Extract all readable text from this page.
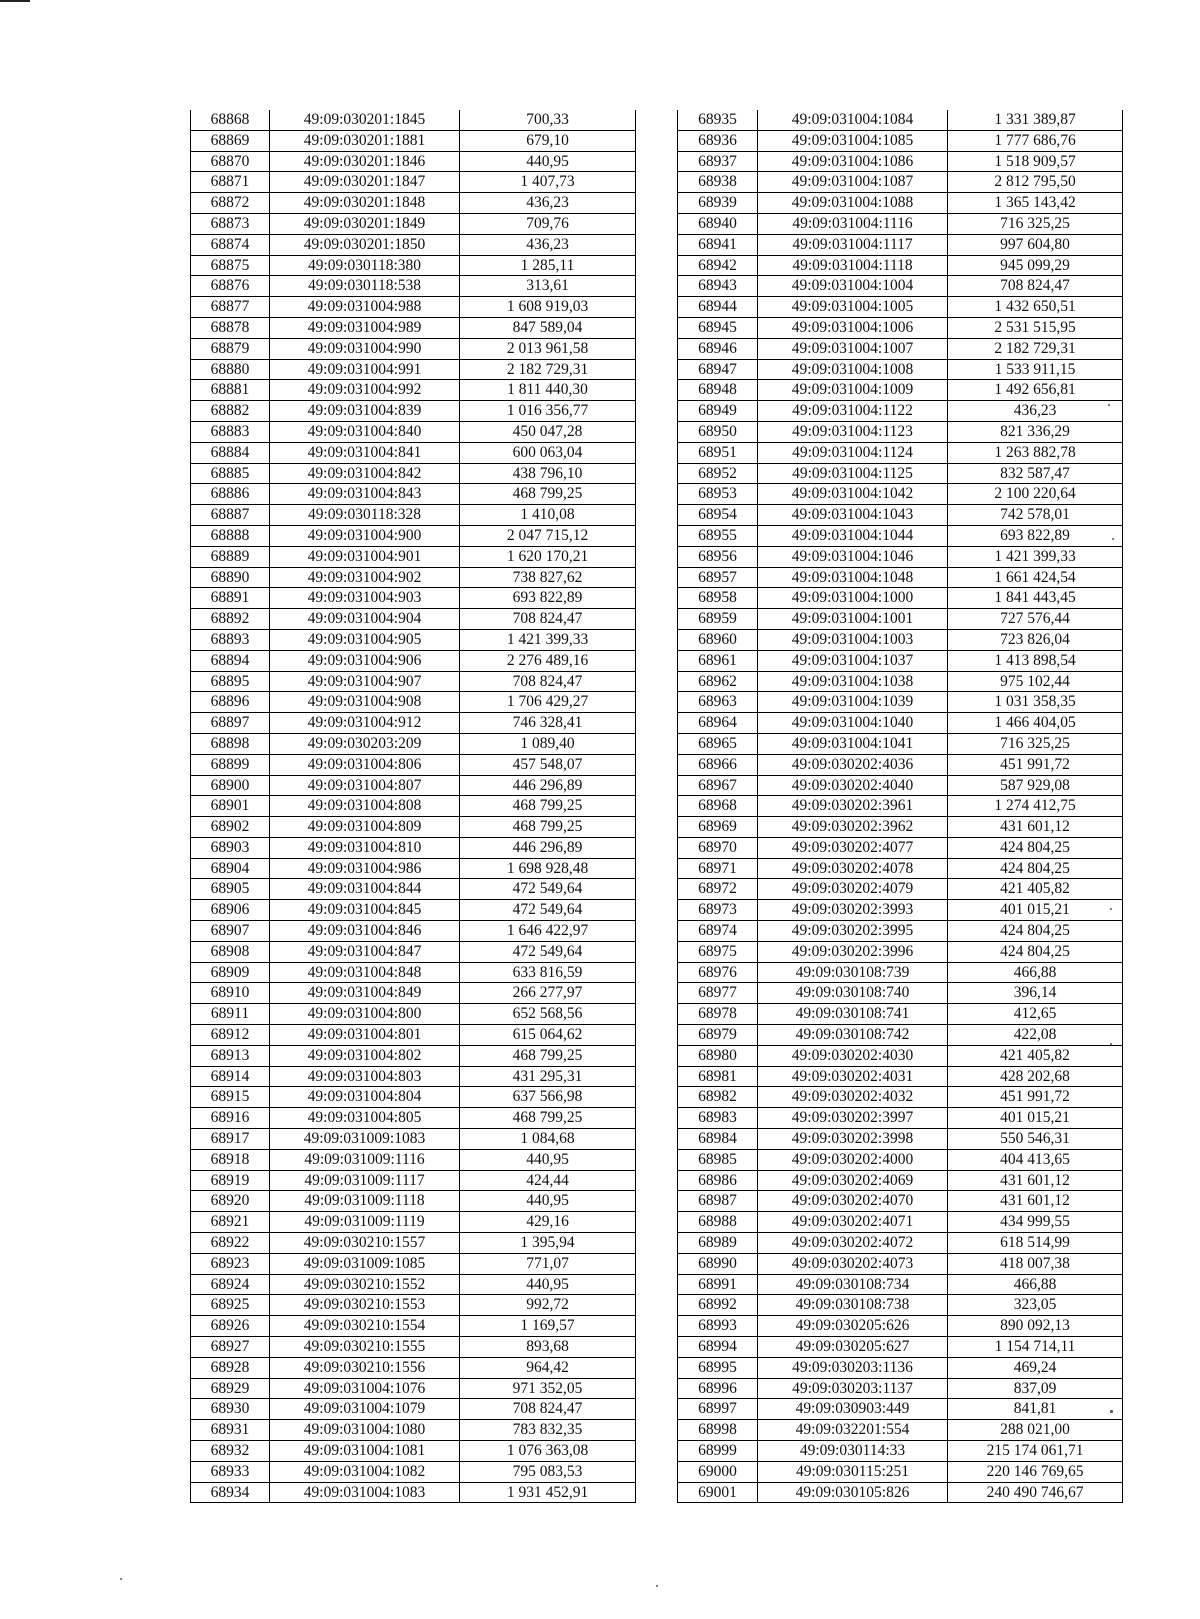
68868	49:09:030201:1845	700,33
68869	49:09:030201:1881	679,10
68870	49:09:030201:1846	440,95
68871	49:09:030201:1847	1 407,73
68872	49:09:030201:1848	436,23
68873	49:09:030201:1849	709,76
68874	49:09:030201:1850	436,23
68875	49:09:030118:380	1 285,11
68876	49:09:030118:538	313,61
68877	49:09:031004:988	1 608 919,03
68878	49:09:031004:989	847 589,04
68879	49:09:031004:990	2 013 961,58
68880	49:09:031004:991	2 182 729,31
68881	49:09:031004:992	1 811 440,30
68882	49:09:031004:839	1 016 356,77
68883	49:09:031004:840	450 047,28
68884	49:09:031004:841	600 063,04
68885	49:09:031004:842	438 796,10
68886	49:09:031004:843	468 799,25
68887	49:09:030118:328	1 410,08
68888	49:09:031004:900	2 047 715,12
68889	49:09:031004:901	1 620 170,21
68890	49:09:031004:902	738 827,62
68891	49:09:031004:903	693 822,89
68892	49:09:031004:904	708 824,47
68893	49:09:031004:905	1 421 399,33
68894	49:09:031004:906	2 276 489,16
68895	49:09:031004:907	708 824,47
68896	49:09:031004:908	1 706 429,27
68897	49:09:031004:912	746 328,41
68898	49:09:030203:209	1 089,40
68899	49:09:031004:806	457 548,07
68900	49:09:031004:807	446 296,89
68901	49:09:031004:808	468 799,25
68902	49:09:031004:809	468 799,25
68903	49:09:031004:810	446 296,89
68904	49:09:031004:986	1 698 928,48
68905	49:09:031004:844	472 549,64
68906	49:09:031004:845	472 549,64
68907	49:09:031004:846	1 646 422,97
68908	49:09:031004:847	472 549,64
68909	49:09:031004:848	633 816,59
68910	49:09:031004:849	266 277,97
68911	49:09:031004:800	652 568,56
68912	49:09:031004:801	615 064,62
68913	49:09:031004:802	468 799,25
68914	49:09:031004:803	431 295,31
68915	49:09:031004:804	637 566,98
68916	49:09:031004:805	468 799,25
68917	49:09:031009:1083	1 084,68
68918	49:09:031009:1116	440,95
68919	49:09:031009:1117	424,44
68920	49:09:031009:1118	440,95
68921	49:09:031009:1119	429,16
68922	49:09:030210:1557	1 395,94
68923	49:09:031009:1085	771,07
68924	49:09:030210:1552	440,95
68925	49:09:030210:1553	992,72
68926	49:09:030210:1554	1 169,57
68927	49:09:030210:1555	893,68
68928	49:09:030210:1556	964,42
68929	49:09:031004:1076	971 352,05
68930	49:09:031004:1079	708 824,47
68931	49:09:031004:1080	783 832,35
68932	49:09:031004:1081	1 076 363,08
68933	49:09:031004:1082	795 083,53
68934	49:09:031004:1083	1 931 452,91
68935	49:09:031004:1084	1 331 389,87
68936	49:09:031004:1085	1 777 686,76
68937	49:09:031004:1086	1 518 909,57
68938	49:09:031004:1087	2 812 795,50
68939	49:09:031004:1088	1 365 143,42
68940	49:09:031004:1116	716 325,25
68941	49:09:031004:1117	997 604,80
68942	49:09:031004:1118	945 099,29
68943	49:09:031004:1004	708 824,47
68944	49:09:031004:1005	1 432 650,51
68945	49:09:031004:1006	2 531 515,95
68946	49:09:031004:1007	2 182 729,31
68947	49:09:031004:1008	1 533 911,15
68948	49:09:031004:1009	1 492 656,81
68949	49:09:031004:1122	436,23
68950	49:09:031004:1123	821 336,29
68951	49:09:031004:1124	1 263 882,78
68952	49:09:031004:1125	832 587,47
68953	49:09:031004:1042	2 100 220,64
68954	49:09:031004:1043	742 578,01
68955	49:09:031004:1044	693 822,89
68956	49:09:031004:1046	1 421 399,33
68957	49:09:031004:1048	1 661 424,54
68958	49:09:031004:1000	1 841 443,45
68959	49:09:031004:1001	727 576,44
68960	49:09:031004:1003	723 826,04
68961	49:09:031004:1037	1 413 898,54
68962	49:09:031004:1038	975 102,44
68963	49:09:031004:1039	1 031 358,35
68964	49:09:031004:1040	1 466 404,05
68965	49:09:031004:1041	716 325,25
68966	49:09:030202:4036	451 991,72
68967	49:09:030202:4040	587 929,08
68968	49:09:030202:3961	1 274 412,75
68969	49:09:030202:3962	431 601,12
68970	49:09:030202:4077	424 804,25
68971	49:09:030202:4078	424 804,25
68972	49:09:030202:4079	421 405,82
68973	49:09:030202:3993	401 015,21
68974	49:09:030202:3995	424 804,25
68975	49:09:030202:3996	424 804,25
68976	49:09:030108:739	466,88
68977	49:09:030108:740	396,14
68978	49:09:030108:741	412,65
68979	49:09:030108:742	422,08
68980	49:09:030202:4030	421 405,82
68981	49:09:030202:4031	428 202,68
68982	49:09:030202:4032	451 991,72
68983	49:09:030202:3997	401 015,21
68984	49:09:030202:3998	550 546,31
68985	49:09:030202:4000	404 413,65
68986	49:09:030202:4069	431 601,12
68987	49:09:030202:4070	431 601,12
68988	49:09:030202:4071	434 999,55
68989	49:09:030202:4072	618 514,99
68990	49:09:030202:4073	418 007,38
68991	49:09:030108:734	466,88
68992	49:09:030108:738	323,05
68993	49:09:030205:626	890 092,13
68994	49:09:030205:627	1 154 714,11
68995	49:09:030203:1136	469,24
68996	49:09:030203:1137	837,09
68997	49:09:030903:449	841,81
68998	49:09:032201:554	288 021,00
68999	49:09:030114:33	215 174 061,71
69000	49:09:030115:251	220 146 769,65
69001	49:09:030105:826	240 490 746,67
